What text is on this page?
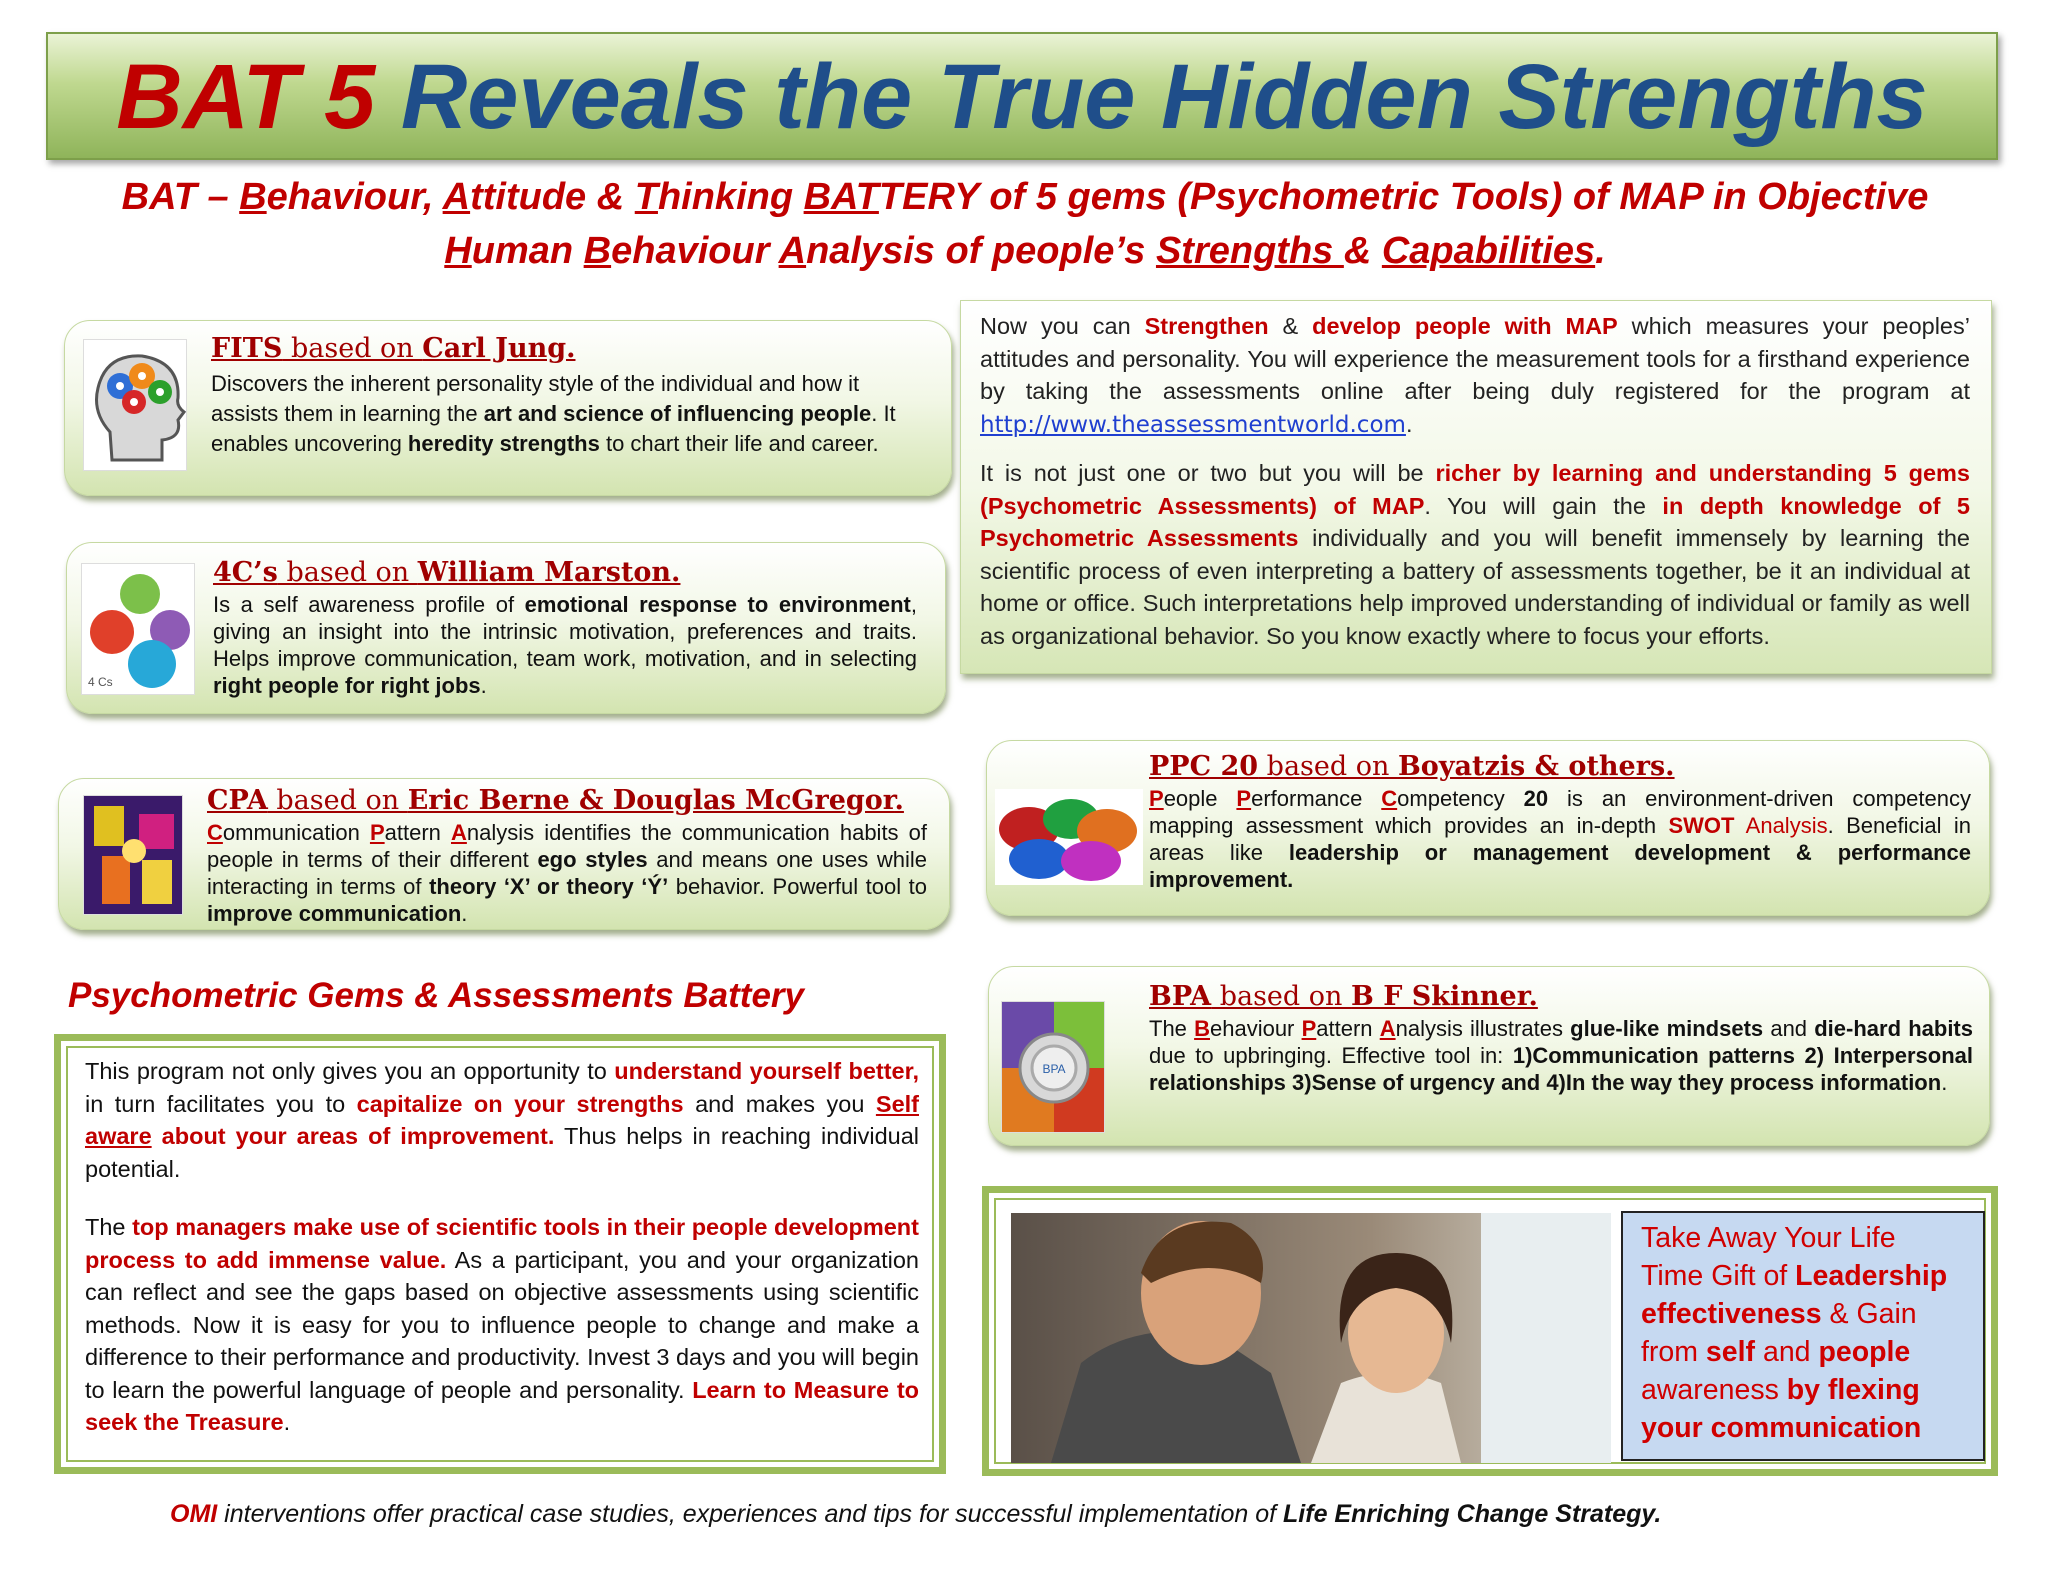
BAT 5 Reveals the True Hidden Strengths
BAT – Behaviour, Attitude & Thinking BATTERY of 5 gems (Psychometric Tools) of MAP in Objective
Human Behaviour Analysis of people’s Strengths & Capabilities.
FITS based on Carl Jung.
Discovers the inherent personality style of the individual and how it assists them in learning the art and science of influencing people. It enables uncovering heredity strengths to chart their life and career.
4 Cs
4C’s based on William Marston.
Is a self awareness profile of emotional response to environment, giving an insight into the intrinsic motivation, preferences and traits. Helps improve communication, team work, motivation, and in selecting right people for right jobs.
CPA based on Eric Berne & Douglas McGregor.
Communication Pattern Analysis identifies the communication habits of people in terms of their different ego styles and means one uses while interacting in terms of theory ‘X’ or theory ‘Ý’ behavior. Powerful tool to improve communication.

Now you can Strengthen & develop people with MAP which measures your peoples’ attitudes and personality. You will experience the measurement tools for a firsthand experience by taking the assessments online after being duly registered for the program at http://www.theassessmentworld.com.

It is not just one or two but you will be richer by learning and understanding 5 gems (Psychometric Assessments) of MAP. You will gain the in depth knowledge of 5 Psychometric Assessments individually and you will benefit immensely by learning the scientific process of even interpreting a battery of assessments together, be it an individual at home or office. Such interpretations help improved understanding of individual or family as well as organizational behavior. So you know exactly where to focus your efforts.

PPC 20 based on Boyatzis & others.
People Performance Competency 20 is an environment-driven competency mapping assessment which provides an in-depth SWOT Analysis. Beneficial in areas like leadership or management development & performance improvement.
BPA
BPA based on B F Skinner.
The Behaviour Pattern Analysis illustrates glue-like mindsets and die-hard habits due to upbringing. Effective tool in: 1)Communication patterns 2) Interpersonal relationships 3)Sense of urgency and 4)In the way they process information.
Psychometric Gems & Assessments Battery

This program not only gives you an opportunity to understand yourself better, in turn facilitates you to capitalize on your strengths and makes you Self aware about your areas of improvement. Thus helps in reaching individual potential.

The top managers make use of scientific tools in their people development process to add immense value. As a participant, you and your organization can reflect and see the gaps based on objective assessments using scientific methods. Now it is easy for you to influence people to change and make a difference to their performance and productivity. Invest 3 days and you will begin to learn the powerful language of people and personality. Learn to Measure to seek the Treasure.

Take Away Your Life Time Gift of Leadership effectiveness & Gain from self and people awareness by flexing your communication
OMI interventions offer practical case studies, experiences and tips for successful implementation of Life Enriching Change Strategy.
